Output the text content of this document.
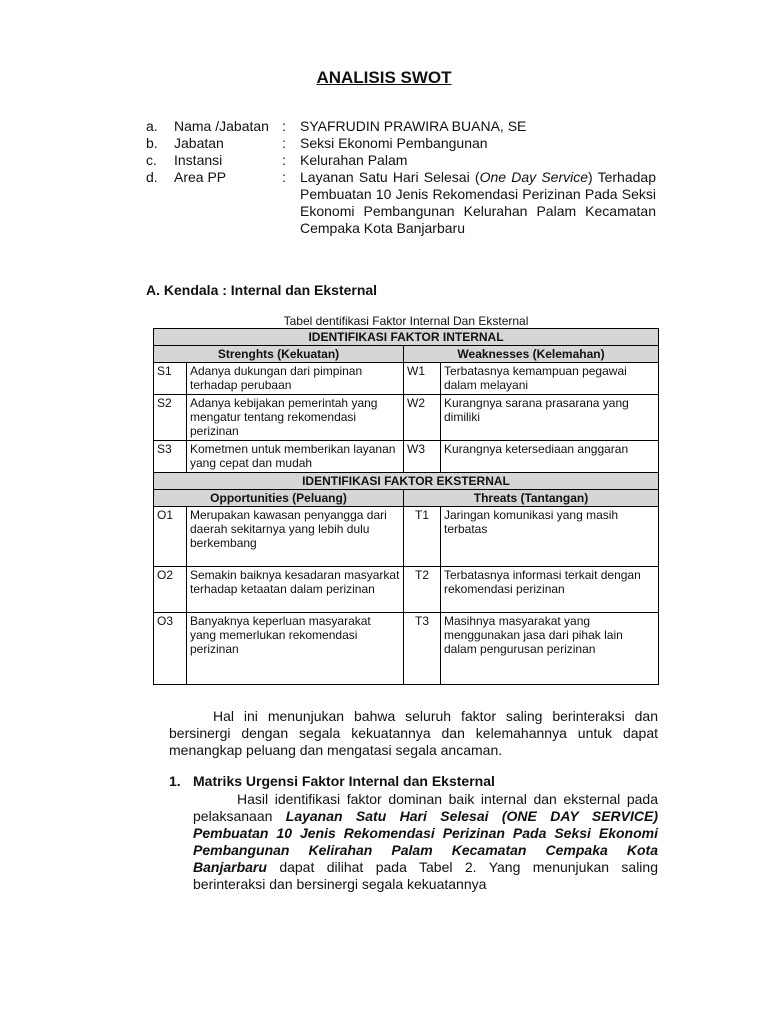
ANALISIS SWOT
a.	Nama /Jabatan :	SYAFRUDIN PRAWIRA BUANA, SE
b.	Jabatan	:	Seksi Ekonomi Pembangunan
c.	Instansi	:	Kelurahan Palam
d.	Area PP	:	Layanan Satu Hari Selesai (One Day Service) Terhadap Pembuatan 10 Jenis Rekomendasi Perizinan Pada Seksi Ekonomi Pembangunan Kelurahan Palam Kecamatan Cempaka Kota Banjarbaru
A. Kendala : Internal dan Eksternal
Tabel dentifikasi Faktor Internal Dan Eksternal
IDENTIFIKASI FAKTOR INTERNAL			
Strenghts (Kekuatan)		Weaknesses (Kelemahan)	
S1	Adanya dukungan dari pimpinan terhadap perubaan	W1	Terbatasnya kemampuan pegawai dalam melayani
S2	Adanya kebijakan pemerintah yang mengatur tentang rekomendasi perizinan	W2	Kurangnya sarana prasarana yang dimiliki
S3	Kometmen untuk memberikan layanan yang cepat dan mudah	W3	Kurangnya ketersediaan anggaran
IDENTIFIKASI FAKTOR EKSTERNAL			
Opportunities (Peluang)		Threats (Tantangan)	
O1	Merupakan kawasan penyangga dari daerah sekitarnya yang lebih dulu berkembang	T1	Jaringan komunikasi yang masih terbatas
O2	Semakin baiknya kesadaran masyarkat terhadap ketaatan dalam perizinan	T2	Terbatasnya informasi terkait dengan rekomendasi perizinan
O3	Banyaknya keperluan masyarakat yang memerlukan rekomendasi perizinan	T3	Masihnya masyarakat yang menggunakan jasa dari pihak lain dalam pengurusan perizinan
Hal ini menunjukan bahwa seluruh faktor saling berinteraksi dan bersinergi dengan segala kekuatannya dan kelemahannya untuk dapat menangkap peluang dan mengatasi segala ancaman.
1. Matriks Urgensi Faktor Internal dan Eksternal
Hasil identifikasi faktor dominan baik internal dan eksternal pada pelaksanaan Layanan Satu Hari Selesai (ONE DAY SERVICE) Pembuatan 10 Jenis Rekomendasi Perizinan Pada Seksi Ekonomi Pembangunan Kelirahan Palam Kecamatan Cempaka Kota Banjarbaru dapat dilihat pada Tabel 2. Yang menunjukan saling berinteraksi dan bersinergi segala kekuatannya
